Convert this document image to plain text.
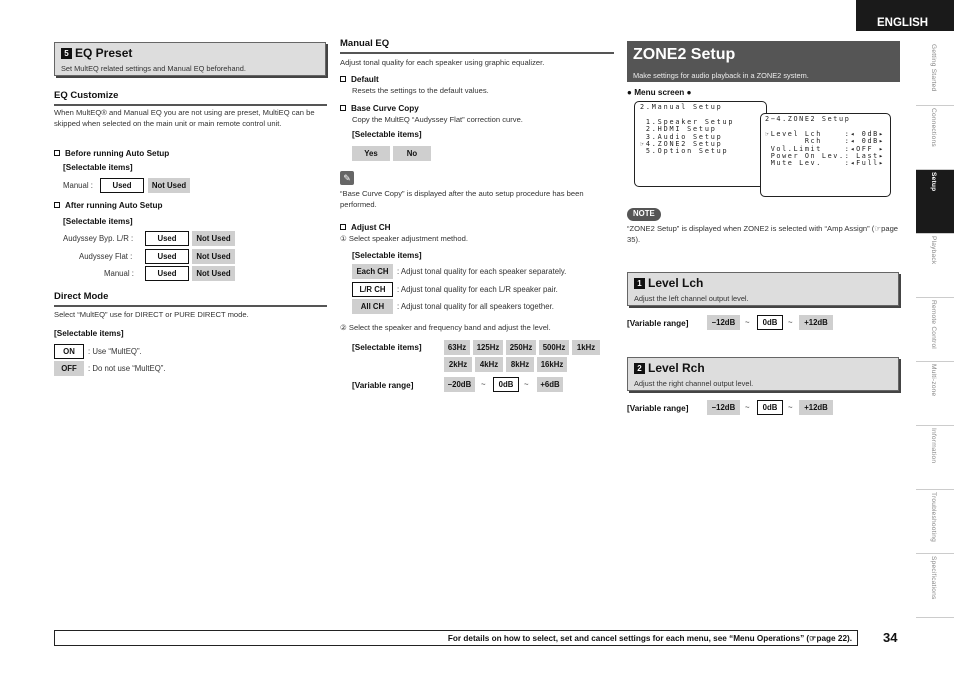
ENGLISH
Getting Started
Connections
Setup
Playback
Remote Control
Multi-zone
Information
Troubleshooting
Specifications
5 EQ Preset
Set MultEQ related settings and Manual EQ beforehand.
EQ Customize
When MultEQ® and Manual EQ you are not using are preset, MultiEQ can be skipped when selected on the main unit or main remote control unit.
Before running Auto Setup
[Selectable items]
Manual :	Used	Not Used
After running Auto Setup
[Selectable items]
Audyssey Byp. L/R :	Used	Not Used
Audyssey Flat :	Used	Not Used
Manual :	Used	Not Used
Direct Mode
Select “MultEQ” use for DIRECT or PURE DIRECT mode.
[Selectable items]
ON	: Use “MultEQ”.
OFF	: Do not use “MultEQ”.
Manual EQ
Adjust tonal quality for each speaker using graphic equalizer.
Default
Resets the settings to the default values.
Base Curve Copy
Copy the MultEQ “Audyssey Flat” correction curve.
[Selectable items]
Yes	No
✎
“Base Curve Copy” is displayed after the auto setup procedure has been performed.
Adjust CH
① Select speaker adjustment method.
[Selectable items]
Each CH	: Adjust tonal quality for each speaker separately.
L/R CH	: Adjust tonal quality for each L/R speaker pair.
All CH	: Adjust tonal quality for all speakers together.
② Select the speaker and frequency band and adjust the level.
[Selectable items]	63Hz	125Hz	250Hz	500Hz	1kHz
2kHz	4kHz	8kHz	16kHz
[Variable range]	–20dB	~	0dB	~	+6dB
ZONE2 Setup
Make settings for audio playback in a ZONE2 system.
● Menu screen ●
2.Manual Setup

1.Speaker Setup
2.HDMI Setup
3.Audio Setup
☞4.ZONE2 Setup
5.Option Setup
2−4.ZONE2 Setup

☞Level Lch    :◂ 0dB▸
Rch    :◂ 0dB▸
Vol.Limit    :◂OFF ▸
Power On Lev.: Last▸
Mute Lev.    :◂Full▸
NOTE
“ZONE2 Setup” is displayed when ZONE2 is selected with “Amp Assign” (☞page 35).
1 Level Lch
Adjust the left channel output level.
[Variable range]	–12dB	~	0dB	~	+12dB
2 Level Rch
Adjust the right channel output level.
[Variable range]	–12dB	~	0dB	~	+12dB
For details on how to select, set and cancel settings for each menu, see “Menu Operations” (☞page 22).	34
